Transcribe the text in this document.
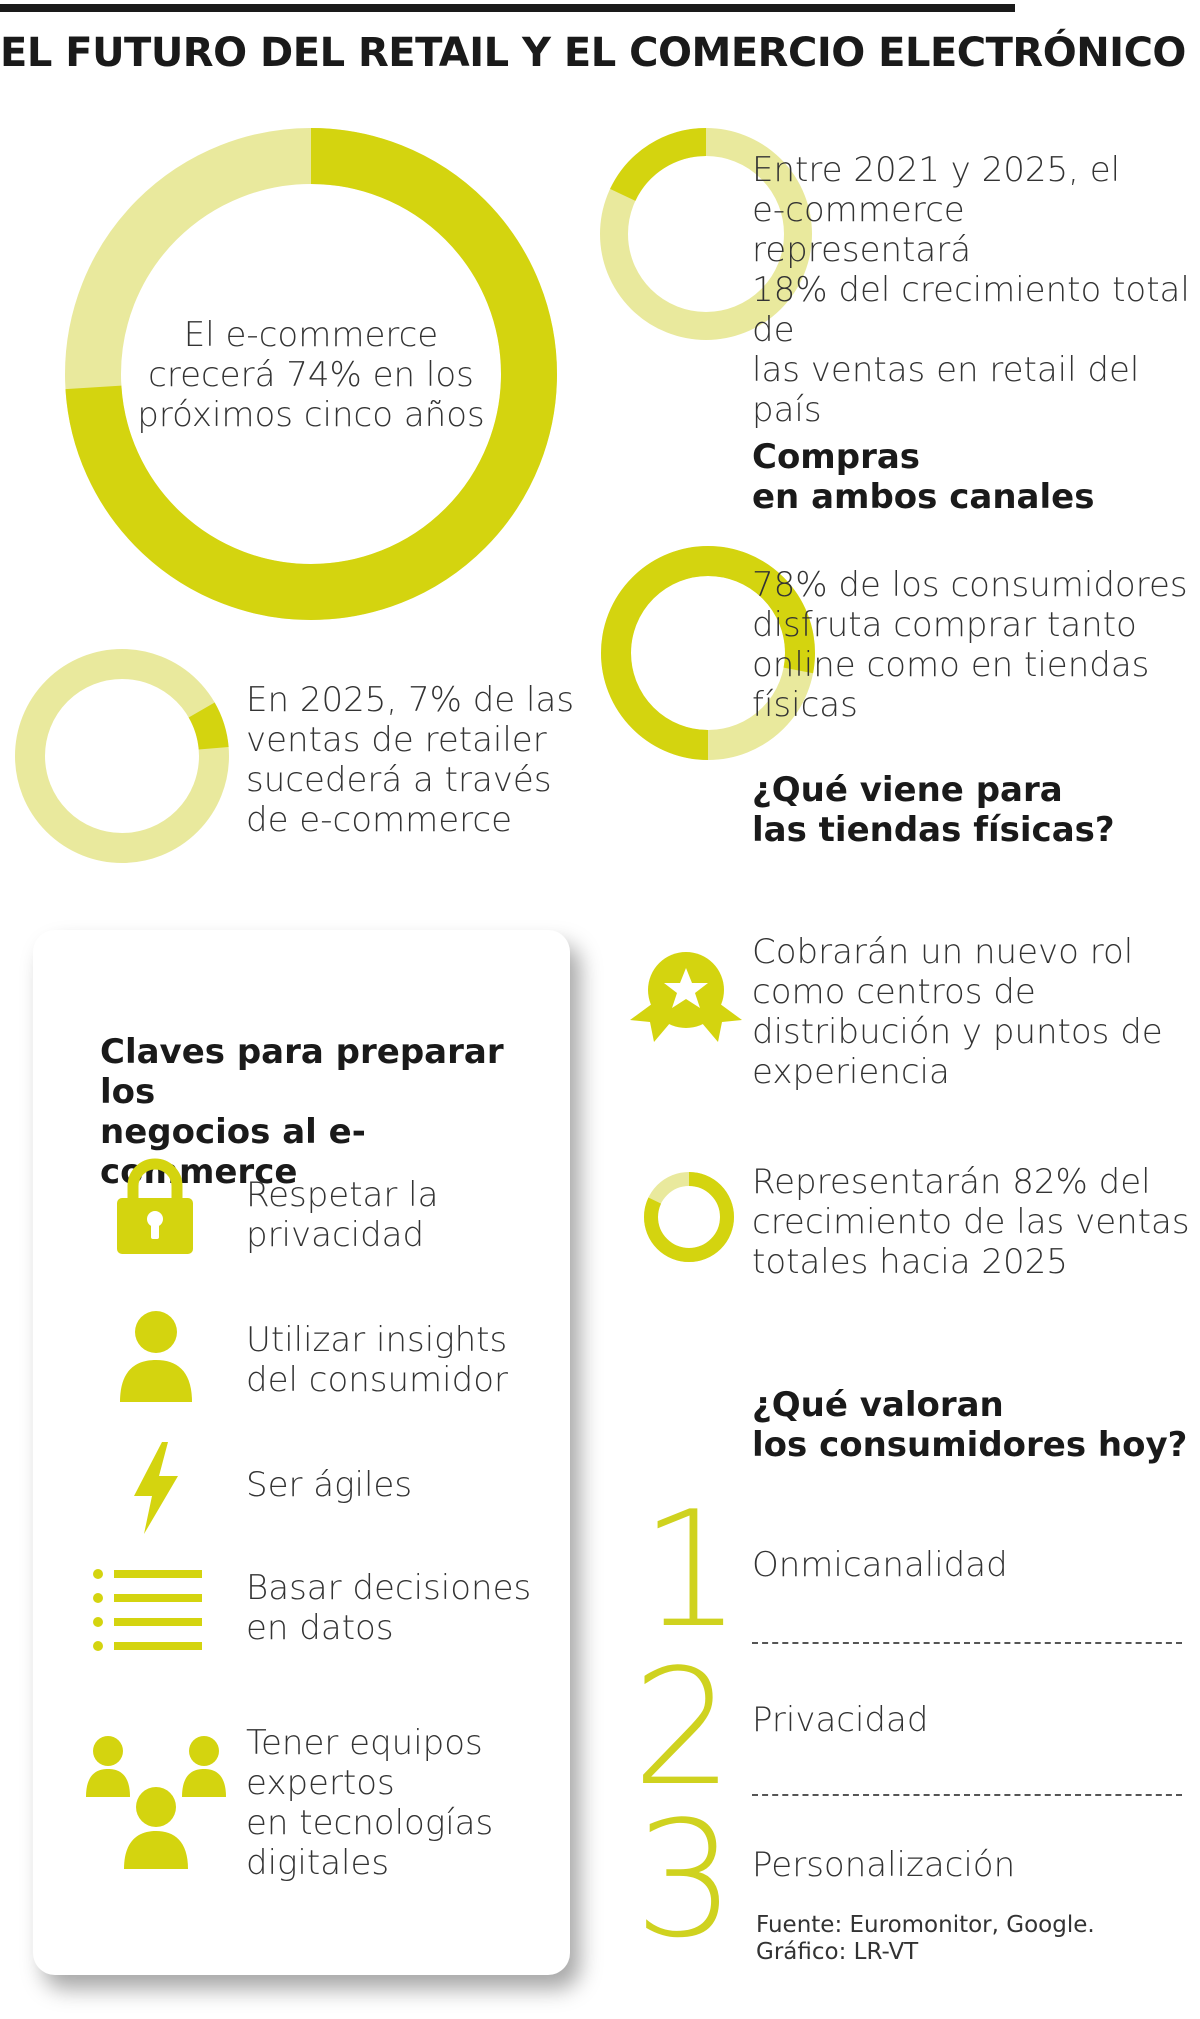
EL FUTURO DEL RETAIL Y EL COMERCIO ELECTRÓNICO
El e-commerce
crecerá 74% en los
próximos cinco años
Entre 2021 y 2025, el
e-commerce representará
18% del crecimiento total de
las ventas en retail del país
Compras
en ambos canales
78% de los consumidores
disfruta comprar tanto
online como en tiendas
físicas
En 2025, 7% de las
ventas de retailer
sucederá a través
de e-commerce
¿Qué viene para
las tiendas físicas?
Claves para preparar los
negocios al e-commerce
Respetar la
privacidad
Utilizar insights
del consumidor
Ser ágiles
Basar decisiones
en datos
Tener equipos
expertos
en tecnologías
digitales
Cobrarán un nuevo rol
como centros de
distribución y puntos de
experiencia
Representarán 82% del
crecimiento de las ventas
totales hacia 2025
¿Qué valoran
los consumidores hoy?
1 Onmicanalidad
2 Privacidad
3 Personalización
Fuente: Euromonitor, Google.
Gráfico: LR-VT
